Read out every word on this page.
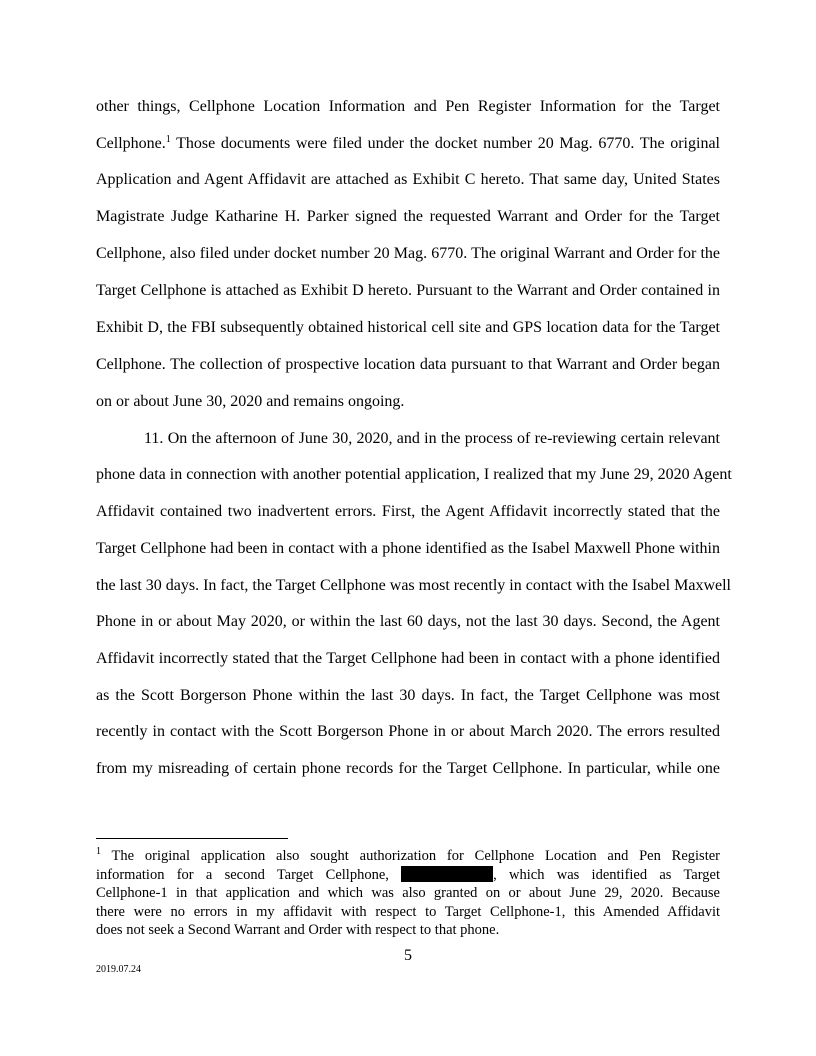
other things, Cellphone Location Information and Pen Register Information for the Target
Cellphone.$^1$ Those documents were filed under the docket number 20 Mag. 6770. The original
Application and Agent Affidavit are attached as Exhibit C hereto. That same day, United States
Magistrate Judge Katharine H. Parker signed the requested Warrant and Order for the Target
Cellphone, also filed under docket number 20 Mag. 6770. The original Warrant and Order for the
Target Cellphone is attached as Exhibit D hereto. Pursuant to the Warrant and Order contained in
Exhibit D, the FBI subsequently obtained historical cell site and GPS location data for the Target
Cellphone. The collection of prospective location data pursuant to that Warrant and Order began
on or about June 30, 2020 and remains ongoing.
11. On the afternoon of June 30, 2020, and in the process of re-reviewing certain relevant
phone data in connection with another potential application, I realized that my June 29, 2020 Agent
Affidavit contained two inadvertent errors. First, the Agent Affidavit incorrectly stated that the
Target Cellphone had been in contact with a phone identified as the Isabel Maxwell Phone within
the last 30 days. In fact, the Target Cellphone was most recently in contact with the Isabel Maxwell
Phone in or about May 2020, or within the last 60 days, not the last 30 days. Second, the Agent
Affidavit incorrectly stated that the Target Cellphone had been in contact with a phone identified
as the Scott Borgerson Phone within the last 30 days. In fact, the Target Cellphone was most
recently in contact with the Scott Borgerson Phone in or about March 2020. The errors resulted
from my misreading of certain phone records for the Target Cellphone. In particular, while one
$^1$ The original application also sought authorization for Cellphone Location and Pen Register
information for a second Target Cellphone,	, which was identified as Target
Cellphone-1 in that application and which was also granted on or about June 29, 2020. Because
there were no errors in my affidavit with respect to Target Cellphone-1, this Amended Affidavit
does not seek a Second Warrant and Order with respect to that phone.
5
2019.07.24
